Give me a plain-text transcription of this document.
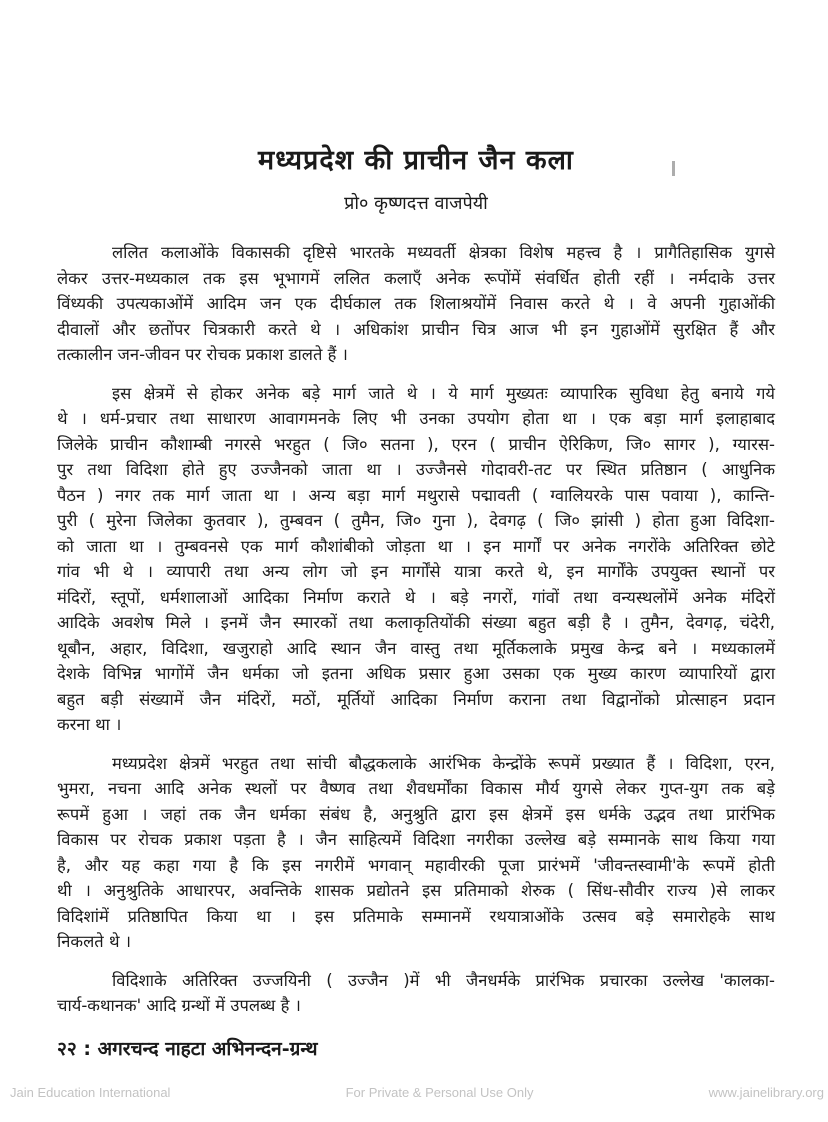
मध्यप्रदेश की प्राचीन जैन कला
प्रो० कृष्णदत्त वाजपेयी
ललित कलाओंके विकासकी दृष्टिसे भारतके मध्यवर्ती क्षेत्रका विशेष महत्त्व है । प्रागैतिहासिक युगसे
लेकर उत्तर-मध्यकाल तक इस भूभागमें ललित कलाएँ अनेक रूपोंमें संवर्धित होती रहीं । नर्मदाके उत्तर
विंध्यकी उपत्यकाओंमें आदिम जन एक दीर्घकाल तक शिलाश्रयोंमें निवास करते थे । वे अपनी गुहाओंकी
दीवालों और छतोंपर चित्रकारी करते थे । अधिकांश प्राचीन चित्र आज भी इन गुहाओंमें सुरक्षित हैं और
तत्कालीन जन-जीवन पर रोचक प्रकाश डालते हैं ।
इस क्षेत्रमें से होकर अनेक बड़े मार्ग जाते थे । ये मार्ग मुख्यतः व्यापारिक सुविधा हेतु बनाये गये
थे । धर्म-प्रचार तथा साधारण आवागमनके लिए भी उनका उपयोग होता था । एक बड़ा मार्ग इलाहाबाद
जिलेके प्राचीन कौशाम्बी नगरसे भरहुत ( जि० सतना ), एरन ( प्राचीन ऐरिकिण, जि० सागर ), ग्यारस-
पुर तथा विदिशा होते हुए उज्जैनको जाता था । उज्जैनसे गोदावरी-तट पर स्थित प्रतिष्ठान ( आधुनिक
पैठन ) नगर तक मार्ग जाता था । अन्य बड़ा मार्ग मथुरासे पद्मावती ( ग्वालियरके पास पवाया ), कान्ति-
पुरी ( मुरेना जिलेका कुतवार ), तुम्बवन ( तुमैन, जि० गुना ), देवगढ़ ( जि० झांसी ) होता हुआ विदिशा-
को जाता था । तुम्बवनसे एक मार्ग कौशांबीको जोड़ता था । इन मार्गों पर अनेक नगरोंके अतिरिक्त छोटे
गांव भी थे । व्यापारी तथा अन्य लोग जो इन मार्गोंसे यात्रा करते थे, इन मार्गोंके उपयुक्त स्थानों पर
मंदिरों, स्तूपों, धर्मशालाओं आदिका निर्माण कराते थे । बड़े नगरों, गांवों तथा वन्यस्थलोंमें अनेक मंदिरों
आदिके अवशेष मिले । इनमें जैन स्मारकों तथा कलाकृतियोंकी संख्या बहुत बड़ी है । तुमैन, देवगढ़, चंदेरी,
थूबौन, अहार, विदिशा, खजुराहो आदि स्थान जैन वास्तु तथा मूर्तिकलाके प्रमुख केन्द्र बने । मध्यकालमें
देशके विभिन्न भागोंमें जैन धर्मका जो इतना अधिक प्रसार हुआ उसका एक मुख्य कारण व्यापारियों द्वारा
बहुत बड़ी संख्यामें जैन मंदिरों, मठों, मूर्तियों आदिका निर्माण कराना तथा विद्वानोंको प्रोत्साहन प्रदान
करना था ।
मध्यप्रदेश क्षेत्रमें भरहुत तथा सांची बौद्धकलाके आरंभिक केन्द्रोंके रूपमें प्रख्यात हैं । विदिशा, एरन,
भुमरा, नचना आदि अनेक स्थलों पर वैष्णव तथा शैवधर्मोंका विकास मौर्य युगसे लेकर गुप्त-युग तक बड़े
रूपमें हुआ । जहां तक जैन धर्मका संबंध है, अनुश्रुति द्वारा इस क्षेत्रमें इस धर्मके उद्भव तथा प्रारंभिक
विकास पर रोचक प्रकाश पड़ता है । जैन साहित्यमें विदिशा नगरीका उल्लेख बड़े सम्मानके साथ किया गया
है, और यह कहा गया है कि इस नगरीमें भगवान् महावीरकी पूजा प्रारंभमें 'जीवन्तस्वामी'के रूपमें होती
थी । अनुश्रुतिके आधारपर, अवन्तिके शासक प्रद्योतने इस प्रतिमाको शेरुक ( सिंध-सौवीर राज्य )से लाकर
विदिशांमें प्रतिष्ठापित किया था । इस प्रतिमाके सम्मानमें रथयात्राओंके उत्सव बड़े समारोहके साथ
निकलते थे ।
विदिशाके अतिरिक्त उज्जयिनी ( उज्जैन )में भी जैनधर्मके प्रारंभिक प्रचारका उल्लेख 'कालका-
चार्य-कथानक' आदि ग्रन्थों में उपलब्ध है ।
२२ : अगरचन्द नाहटा अभिनन्दन-ग्रन्थ
Jain Education International	For Private & Personal Use Only	www.jainelibrary.org
